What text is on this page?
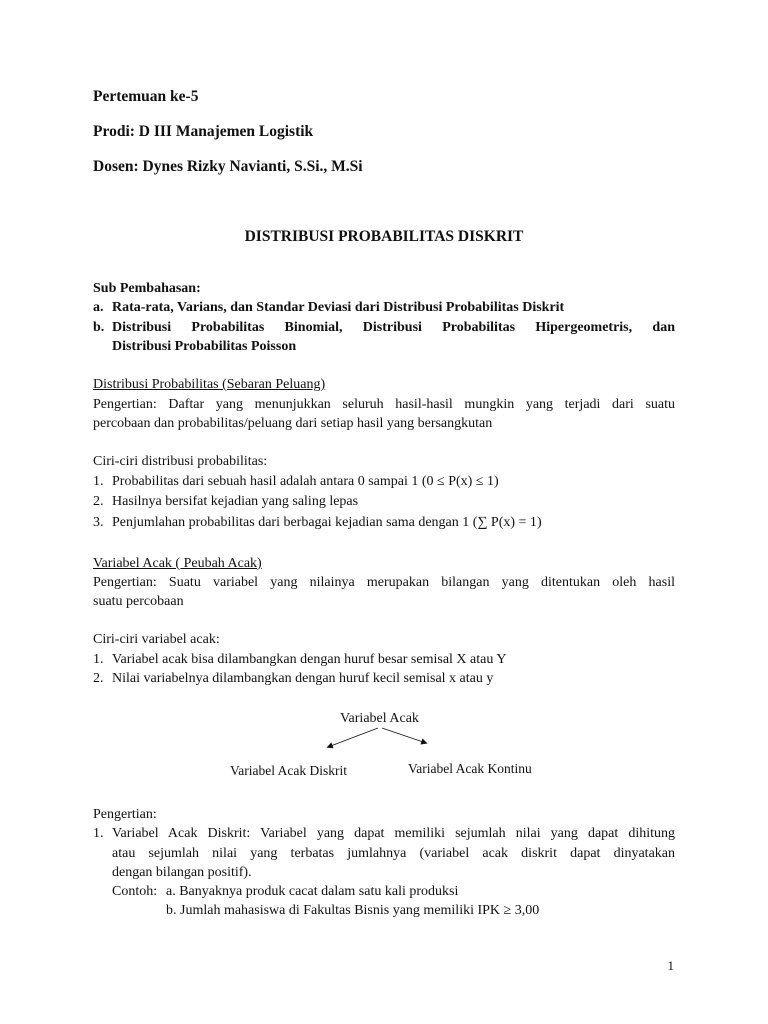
Pertemuan ke-5
Prodi: D III Manajemen Logistik
Dosen: Dynes Rizky Navianti, S.Si., M.Si
DISTRIBUSI PROBABILITAS DISKRIT
Sub Pembahasan:
a. Rata-rata, Varians, dan Standar Deviasi dari Distribusi Probabilitas Diskrit
b. Distribusi Probabilitas Binomial, Distribusi Probabilitas Hipergeometris, dan
Distribusi Probabilitas Poisson
Distribusi Probabilitas (Sebaran Peluang)
Pengertian: Daftar yang menunjukkan seluruh hasil-hasil mungkin yang terjadi dari suatu
percobaan dan probabilitas/peluang dari setiap hasil yang bersangkutan
Ciri-ciri distribusi probabilitas:
1. Probabilitas dari sebuah hasil adalah antara 0 sampai 1 (0 ≤ P(x) ≤ 1)
2. Hasilnya bersifat kejadian yang saling lepas
3. Penjumlahan probabilitas dari berbagai kejadian sama dengan 1 (∑ P(x) = 1)
Variabel Acak ( Peubah Acak)
Pengertian: Suatu variabel yang nilainya merupakan bilangan yang ditentukan oleh hasil
suatu percobaan
Ciri-ciri variabel acak:
1. Variabel acak bisa dilambangkan dengan huruf besar semisal X atau Y
2. Nilai variabelnya dilambangkan dengan huruf kecil semisal x atau y
Variabel Acak
Variabel Acak Diskrit	Variabel Acak Kontinu
Pengertian:
1. Variabel Acak Diskrit: Variabel yang dapat memiliki sejumlah nilai yang dapat dihitung
atau sejumlah nilai yang terbatas jumlahnya (variabel acak diskrit dapat dinyatakan
dengan bilangan positif).
Contoh: a. Banyaknya produk cacat dalam satu kali produksi
b. Jumlah mahasiswa di Fakultas Bisnis yang memiliki IPK ≥ 3,00
1
